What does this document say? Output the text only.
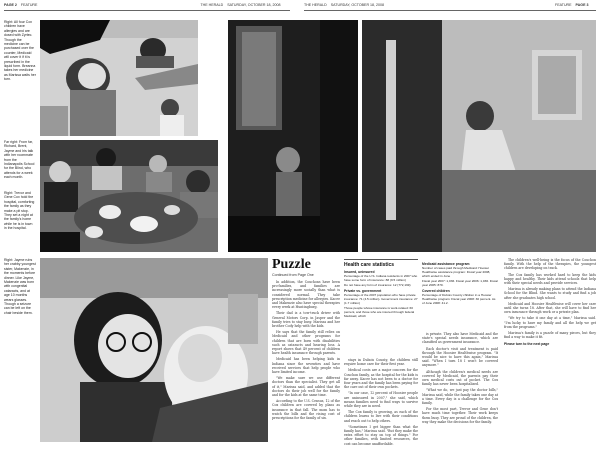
PAGE 2 FEATURE	THE HERALD SATURDAY, OCTOBER 18, 2008
Right: All four Cox children have allergies and are dosed with Zyrtec. Though the medicine can be purchased over the counter, Medicaid will cover it if it is prescribed in the liquid form. Breanna takes her medicine as Marissa waits her turn.
Far right: From far, Richard, Brent, Jayme and Iris talk with her roommate from the Indianapolis School for the Blind, who attends for a week each month.
Right: Trevor and Gene Cox hold the hospital, comforting the family as they make a pit stop. They set a night at the family's home while he is in town in the hospital.
Right: Jayme rubs her crabby youngest sister, Makenzie, in the moments before dinner. Like Jayme, Makenzie was born with congenital cataracts, and at age 10 months wears glasses. Though a seizure can be left on the chair beside them.
THE HERALD SATURDAY, OCTOBER 18, 2008	FEATURE PAGE 3
Puzzle
Continued from Page One
Health care statistics
Insured, uninsured
Percentage of the U.S. Indiana residents in 2007 who have some form of insurance: 88 (9.5 million)
Do not have any form of insurance: 12 (772,199)
Private vs. government
Percentage of the 2007 population who have private insurance: 71 (4.5 million). Government insurance: 27 (1.7 million)
Those people whose insurance is work-related: 60 percent, and those who are insured through federal Medicaid, which
Medicaid assistance program
Number of cases paid through Medicaid: Hoosier Healthwise assistance program: Fiscal year 2008, which ended in June
Fiscal year 2007: 1,036. Fiscal year 2006: 1,036. Fiscal year 2005: 870.
Covered children
Percentage of Dubois County children in a Hoosier Healthwise program: Fiscal year 2008: 30 percent. As of June 2008: 41.2.
In addition, the Couchons have been pro-families, and families are increasingly more socially than what is considered normal. They take prescription medicine for allergies. Kacee and Makenzie also have special therapies every week at Huntingburg.
Their dad is a tow-truck driver with General Motors Corp. in Jasper and the family tries to stay busy. Marissa and her brother Cody help with the kids.
He says that the family still relies on Medicaid and other programs for children that are born with disabilities such as cataracts and hearing loss. A report shows that 49 percent of children have health insurance through parents.
Medicaid has been helping kids in Indiana since the seventies and have received services that help people who have limited income.
"We make sure we use different doctors than the specialist. They get all of it," Marissa said, and added that the doctors do their job well for the family and for the kids at the same time.
According to the U.S. Census, 12 of the Cox children are covered by plans as insurance in that fall. The mom has to watch the bills and the rising cost of prescriptions for the family of six.
stays in Dubois County, the children still require home care for their first year.
Medical costs are a major concern for the Couchon family, as the hospital for the kids is far away. Kacee has not been to a doctor for four years and the family has been paying for the care out of their own pockets.
"In our case, 12 percent of Hoosier people are uninsured in 2007," she said, which means families need to find ways to survive while they are in need.
The Cox family is growing, as each of the children learns to live with their conditions and reach out to help others.
"Sometimes I get bigger than what the family has," Marissa said. "But they make the extra effort to stay on top of things." For other families, with limited resources, the cost can become unaffordable.
is private. They also have Medicaid and the state's special needs insurance, which are classified as government insurance.
Each doctor's visit and treatment is paid through the Hoosier Healthwise program. "It would be nice to have this again," Marissa said. "When I turn 18 I won't be covered anymore."
Although the children's medical needs are covered by Medicaid, the parents pay their own medical costs out of pocket. The Cox family has never been hospitalized.
"What we do, we just pay the doctor bills," Marissa said, while the family takes one day at a time. Every day is a challenge for the Cox family.
For the most part, Trevor and Gene don't have much time together. Their work keeps them busy. They are proud of the children, the way they make the decisions for the family.
The children's well-being is the focus of the Couchon family. With the help of the therapies, the youngest children are developing on track.
The Cox family has worked hard to keep the kids happy and healthy. Their kids attend schools that help with their special needs and provide services.
Marissa is already making plans to attend the Indiana School for the Blind. She wants to study and find a job after she graduates high school.
Medicaid and Hoosier Healthwise will cover her care until she turns 18. After that, she will have to find her own insurance through work or a private plan.
"We try to take it one day at a time," Marissa said. "I'm lucky to have my family and all the help we get from the programs."
Marissa's family is a puzzle of many pieces, but they find a way to make it fit.
Please turn to the next page
